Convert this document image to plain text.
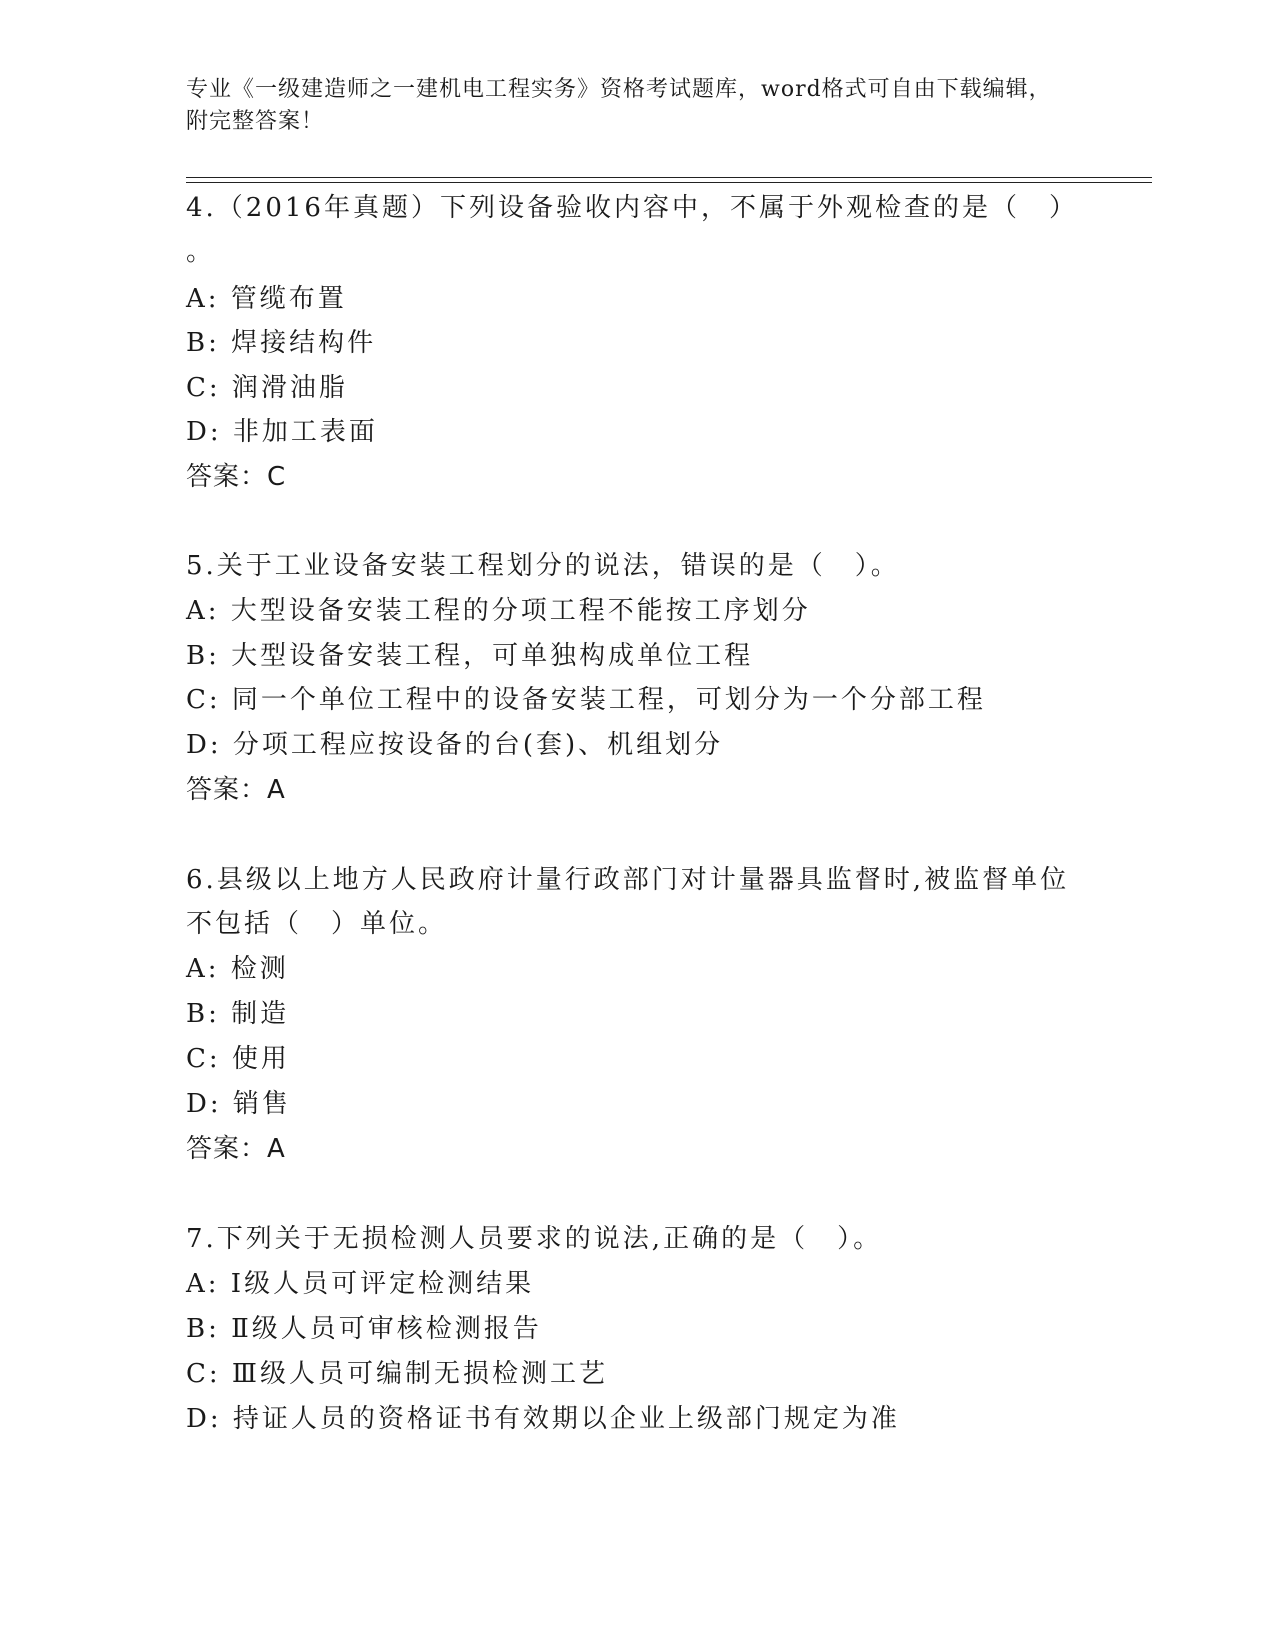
专业《一级建造师之一建机电工程实务》资格考试题库，word格式可自由下载编辑，附完整答案！
4.（2016年真题）下列设备验收内容中，不属于外观检查的是（　）
。
A: 管缆布置
B: 焊接结构件
C: 润滑油脂
D: 非加工表面
答案：C
5.关于工业设备安装工程划分的说法，错误的是（　）。
A: 大型设备安装工程的分项工程不能按工序划分
B: 大型设备安装工程，可单独构成单位工程
C: 同一个单位工程中的设备安装工程，可划分为一个分部工程
D: 分项工程应按设备的台(套)、机组划分
答案：A
6.县级以上地方人民政府计量行政部门对计量器具监督时,被监督单位
不包括（　）单位。
A: 检测
B: 制造
C: 使用
D: 销售
答案：A
7.下列关于无损检测人员要求的说法,正确的是（　）。
A: Ⅰ级人员可评定检测结果
B: Ⅱ级人员可审核检测报告
C: Ⅲ级人员可编制无损检测工艺
D: 持证人员的资格证书有效期以企业上级部门规定为准
